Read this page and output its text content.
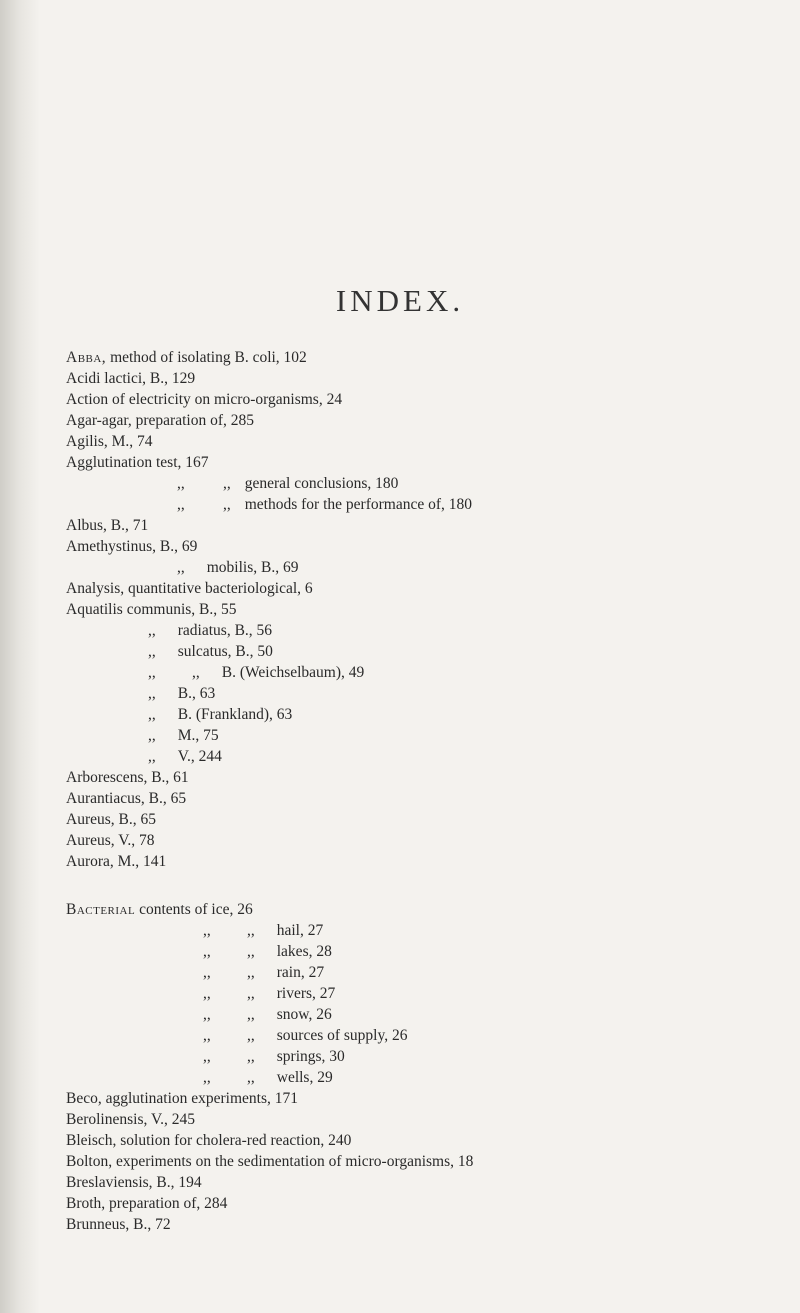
INDEX.
Abba, method of isolating B. coli, 102
Acidi lactici, B., 129
Action of electricity on micro-organisms, 24
Agar-agar, preparation of, 285
Agilis, M., 74
Agglutination test, 167
,, ,, general conclusions, 180
,, ,, methods for the performance of, 180
Albus, B., 71
Amethystinus, B., 69
,, mobilis, B., 69
Analysis, quantitative bacteriological, 6
Aquatilis communis, B., 55
,, radiatus, B., 56
,, sulcatus, B., 50
,, ,, B. (Weichselbaum), 49
,, B., 63
,, B. (Frankland), 63
,, M., 75
,, V., 244
Arborescens, B., 61
Aurantiacus, B., 65
Aureus, B., 65
Aureus, V., 78
Aurora, M., 141
Bacterial contents of ice, 26
,, ,, hail, 27
,, ,, lakes, 28
,, ,, rain, 27
,, ,, rivers, 27
,, ,, snow, 26
,, ,, sources of supply, 26
,, ,, springs, 30
,, ,, wells, 29
Beco, agglutination experiments, 171
Berolinensis, V., 245
Bleisch, solution for cholera-red reaction, 240
Bolton, experiments on the sedimentation of micro-organisms, 18
Breslaviensis, B., 194
Broth, preparation of, 284
Brunneus, B., 72
